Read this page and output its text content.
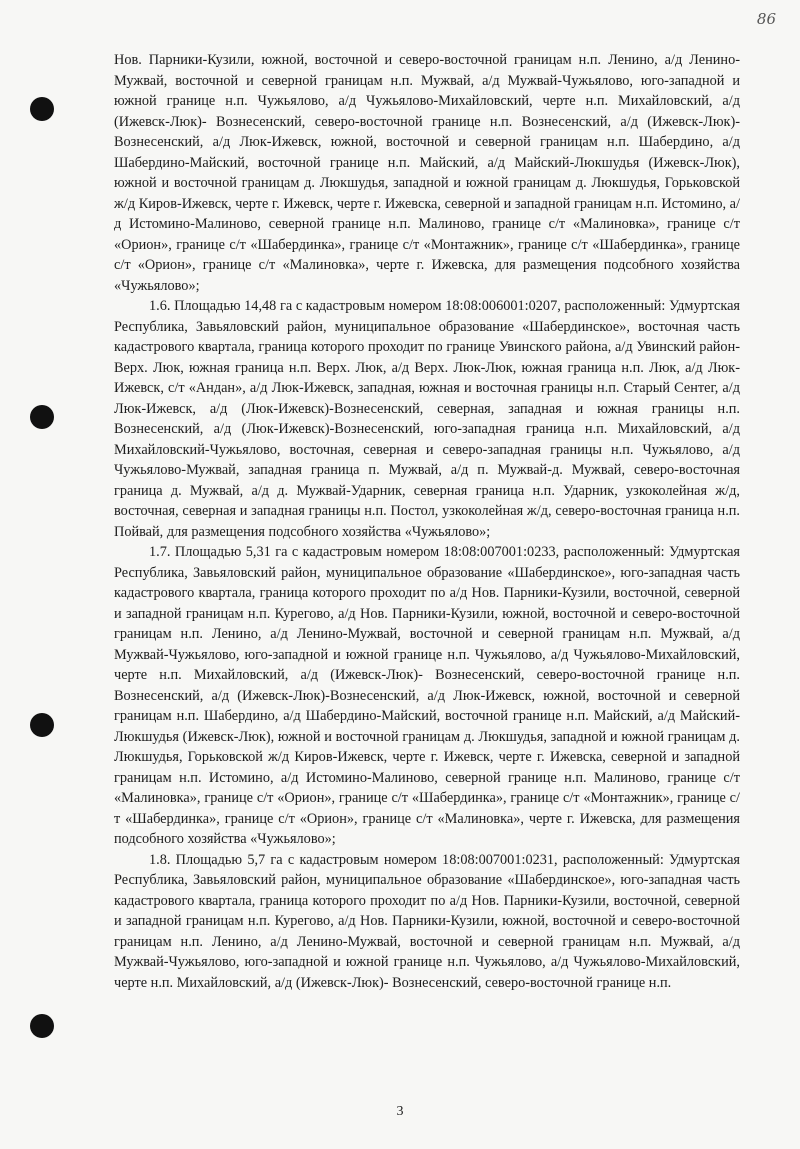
86

Нов. Парники-Кузили, южной, восточной и северо-восточной границам н.п. Ленино, а/д Ленино-Мужвай, восточной и северной границам н.п. Мужвай, а/д Мужвай-Чужьялово, юго-западной и южной границе н.п. Чужьялово, а/д Чужьялово-Михайловский, черте н.п. Михайловский, а/д (Ижевск-Люк)- Вознесенский, северо-восточной границе н.п. Вознесенский, а/д (Ижевск-Люк)-Вознесенский, а/д Люк-Ижевск, южной, восточной и северной границам н.п. Шабердино, а/д Шабердино-Майский, восточной границе н.п. Майский, а/д Майский-Люкшудья (Ижевск-Люк), южной и восточной границам д. Люкшудья, западной и южной границам д. Люкшудья, Горьковской ж/д Киров-Ижевск, черте г. Ижевск, черте г. Ижевска, северной и западной границам н.п. Истомино, а/д Истомино-Малиново, северной границе н.п. Малиново, границе с/т «Малиновка», границе с/т «Орион», границе с/т «Шабердинка», границе с/т «Монтажник», границе с/т «Шабердинка», границе с/т «Орион», границе с/т «Малиновка», черте г. Ижевска, для размещения подсобного хозяйства «Чужьялово»;

1.6. Площадью 14,48 га с кадастровым номером 18:08:006001:0207, расположенный: Удмуртская Республика, Завьяловский район, муниципальное образование «Шабердинское», восточная часть кадастрового квартала, граница которого проходит по границе Увинского района, а/д Увинский район-Верх. Люк, южная граница н.п. Верх. Люк, а/д Верх. Люк-Люк, южная граница н.п. Люк, а/д Люк-Ижевск, с/т «Андан», а/д Люк-Ижевск, западная, южная и восточная границы н.п. Старый Сентег, а/д Люк-Ижевск, а/д (Люк-Ижевск)-Вознесенский, северная, западная и южная границы н.п. Вознесенский, а/д (Люк-Ижевск)-Вознесенский, юго-западная граница н.п. Михайловский, а/д Михайловский-Чужьялово, восточная, северная и северо-западная границы н.п. Чужьялово, а/д Чужьялово-Мужвай, западная граница п. Мужвай, а/д п. Мужвай-д. Мужвай, северо-восточная граница д. Мужвай, а/д д. Мужвай-Ударник, северная граница н.п. Ударник, узкоколейная ж/д, восточная, северная и западная границы н.п. Постол, узкоколейная ж/д, северо-восточная граница н.п. Пойвай, для размещения подсобного хозяйства «Чужьялово»;

1.7. Площадью 5,31 га с кадастровым номером 18:08:007001:0233, расположенный: Удмуртская Республика, Завьяловский район, муниципальное образование «Шабердинское», юго-западная часть кадастрового квартала, граница которого проходит по а/д Нов. Парники-Кузили, восточной, северной и западной границам н.п. Курегово, а/д Нов. Парники-Кузили, южной, восточной и северо-восточной границам н.п. Ленино, а/д Ленино-Мужвай, восточной и северной границам н.п. Мужвай, а/д Мужвай-Чужьялово, юго-западной и южной границе н.п. Чужьялово, а/д Чужьялово-Михайловский, черте н.п. Михайловский, а/д (Ижевск-Люк)- Вознесенский, северо-восточной границе н.п. Вознесенский, а/д (Ижевск-Люк)-Вознесенский, а/д Люк-Ижевск, южной, восточной и северной границам н.п. Шабердино, а/д Шабердино-Майский, восточной границе н.п. Майский, а/д Майский-Люкшудья (Ижевск-Люк), южной и восточной границам д. Люкшудья, западной и южной границам д. Люкшудья, Горьковской ж/д Киров-Ижевск, черте г. Ижевск, черте г. Ижевска, северной и западной границам н.п. Истомино, а/д Истомино-Малиново, северной границе н.п. Малиново, границе с/т «Малиновка», границе с/т «Орион», границе с/т «Шабердинка», границе с/т «Монтажник», границе с/т «Шабердинка», границе с/т «Орион», границе с/т «Малиновка», черте г. Ижевска, для размещения подсобного хозяйства «Чужьялово»;

1.8. Площадью 5,7 га с кадастровым номером 18:08:007001:0231, расположенный: Удмуртская Республика, Завьяловский район, муниципальное образование «Шабердинское», юго-западная часть кадастрового квартала, граница которого проходит по а/д Нов. Парники-Кузили, восточной, северной и западной границам н.п. Курегово, а/д Нов. Парники-Кузили, южной, восточной и северо-восточной границам н.п. Ленино, а/д Ленино-Мужвай, восточной и северной границам н.п. Мужвай, а/д Мужвай-Чужьялово, юго-западной и южной границе н.п. Чужьялово, а/д Чужьялово-Михайловский, черте н.п. Михайловский, а/д (Ижевск-Люк)- Вознесенский, северо-восточной границе н.п.

3
